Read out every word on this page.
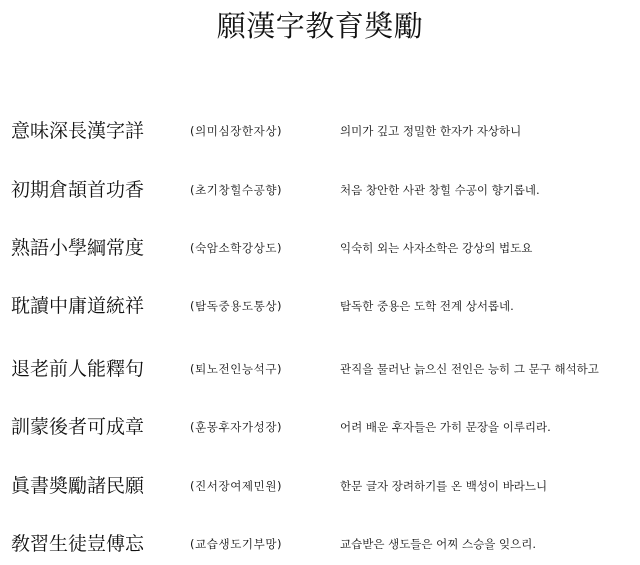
願漢字教育奬勵
意味深長漢字詳	(의미심장한자상)	의미가 깊고 정밀한 한자가 자상하니
初期倉頡首功香	(초기창힐수공향)	처음 창안한 사관 창힐 수공이 향기롭네.
熟語小學綱常度	(숙암소학강상도)	익숙히 외는 사자소학은 강상의 법도요
耽讀中庸道統祥	(탐독중용도통상)	탐독한 중용은 도학 전계 상서롭네.
退老前人能釋句	(퇴노전인능석구)	관직을 물러난 늙으신 전인은 능히 그 문구 해석하고
訓蒙後者可成章	(훈몽후자가성장)	어려 배운 후자들은 가히 문장을 이루리라.
眞書奬勵諸民願	(진서장여제민원)	한문 글자 장려하기를 온 백성이 바라느니
敎習生徒豈傅忘	(교습생도기부망)	교습받은 생도들은 어찌 스승을 잊으리.
